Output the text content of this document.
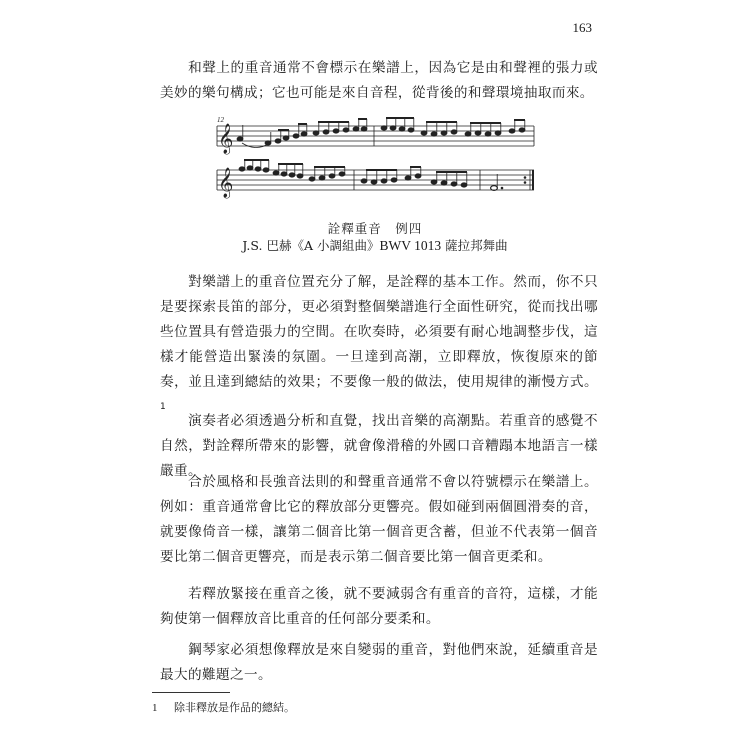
163

和聲上的重音通常不會標示在樂譜上，因為它是由和聲裡的張力或美妙的樂句構成；它也可能是來自音程，從背後的和聲環境抽取而來。

𝄞
𝄞
12
詮釋重音　例四
J.S. 巴赫《A 小調組曲》BWV 1013 薩拉邦舞曲

對樂譜上的重音位置充分了解，是詮釋的基本工作。然而，你不只是要探索長笛的部分，更必須對整個樂譜進行全面性研究，從而找出哪些位置具有營造張力的空間。在吹奏時，必須要有耐心地調整步伐，這樣才能營造出緊湊的氛圍。一旦達到高潮，立即釋放，恢復原來的節奏，並且達到總結的效果；不要像一般的做法，使用規律的漸慢方式。$^1$

演奏者必須透過分析和直覺，找出音樂的高潮點。若重音的感覺不自然，對詮釋所帶來的影響，就會像滑稽的外國口音糟蹋本地語言一樣嚴重。

合於風格和長強音法則的和聲重音通常不會以符號標示在樂譜上。例如：重音通常會比它的釋放部分更響亮。假如碰到兩個圓滑奏的音，就要像倚音一樣，讓第二個音比第一個音更含蓄，但並不代表第一個音要比第二個音更響亮，而是表示第二個音要比第一個音更柔和。

若釋放緊接在重音之後，就不要減弱含有重音的音符，這樣，才能夠使第一個釋放音比重音的任何部分要柔和。

鋼琴家必須想像釋放是來自變弱的重音，對他們來說，延續重音是最大的難題之一。

1 除非釋放是作品的總結。
